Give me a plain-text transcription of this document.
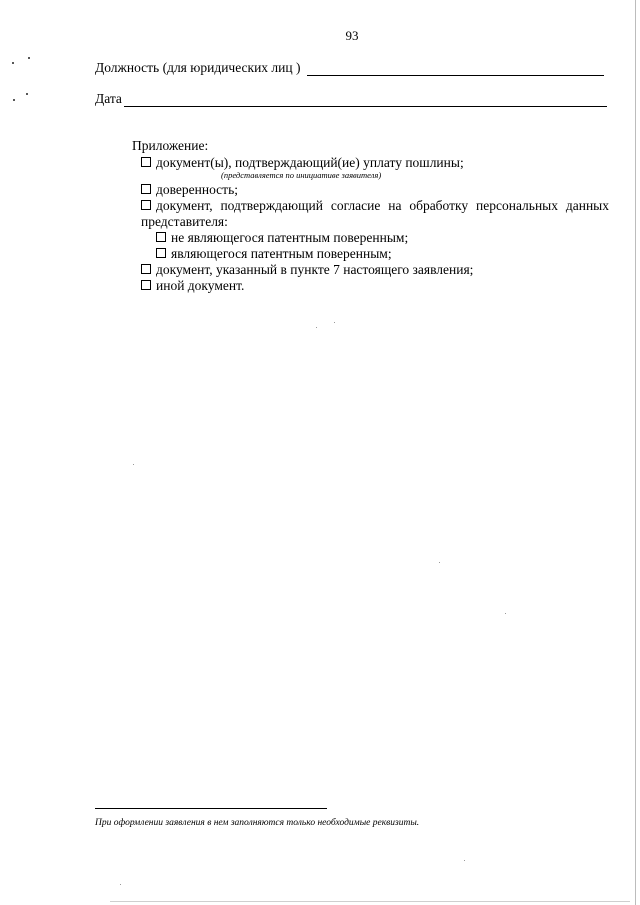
93
Должность (для юридических лиц )
Дата
Приложение:
документ(ы), подтверждающий(ие) уплату пошлины;
(представляется по инициативе заявителя)
доверенность;
документ, подтверждающий согласие на обработку персональных данных
представителя:
не являющегося патентным поверенным;
являющегося патентным поверенным;
документ, указанный в пункте 7 настоящего заявления;
иной документ.
При оформлении заявления в нем заполняются только необходимые реквизиты.
